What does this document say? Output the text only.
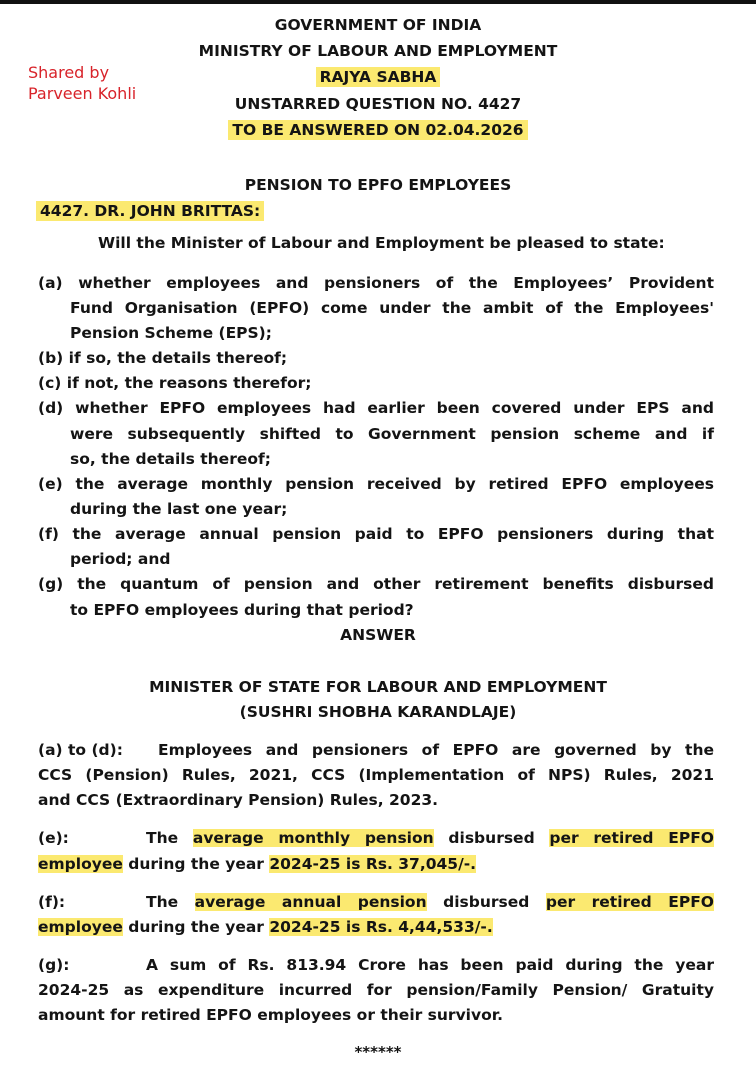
Shared by
Parveen Kohli
GOVERNMENT OF INDIA
MINISTRY OF LABOUR AND EMPLOYMENT
RAJYA SABHA
UNSTARRED QUESTION NO. 4427
TO BE ANSWERED ON 02.04.2026
PENSION TO EPFO EMPLOYEES
4427. DR. JOHN BRITTAS:
Will the Minister of Labour and Employment be pleased to state:
(a) whether employees and pensioners of the Employees’ Provident
Fund Organisation (EPFO) come under the ambit of the Employees'
Pension Scheme (EPS);
(b) if so, the details thereof;
(c) if not, the reasons therefor;
(d) whether EPFO employees had earlier been covered under EPS and
were subsequently shifted to Government pension scheme and if
so, the details thereof;
(e) the average monthly pension received by retired EPFO employees
during the last one year;
(f) the average annual pension paid to EPFO pensioners during that
period; and
(g) the quantum of pension and other retirement benefits disbursed
to EPFO employees during that period?
ANSWER
MINISTER OF STATE FOR LABOUR AND EMPLOYMENT
(SUSHRI SHOBHA KARANDLAJE)
(a) to (d): Employees and pensioners of EPFO are governed by the
CCS (Pension) Rules, 2021, CCS (Implementation of NPS) Rules, 2021
and CCS (Extraordinary Pension) Rules, 2023.
(e):	The average monthly pension disbursed per retired EPFO
employee during the year 2024-25 is Rs. 37,045/-.
(f):	The average annual pension disbursed per retired EPFO
employee during the year 2024-25 is Rs. 4,44,533/-.
(g):	A sum of Rs. 813.94 Crore has been paid during the year
2024-25 as expenditure incurred for pension/Family Pension/ Gratuity
amount for retired EPFO employees or their survivor.
******
